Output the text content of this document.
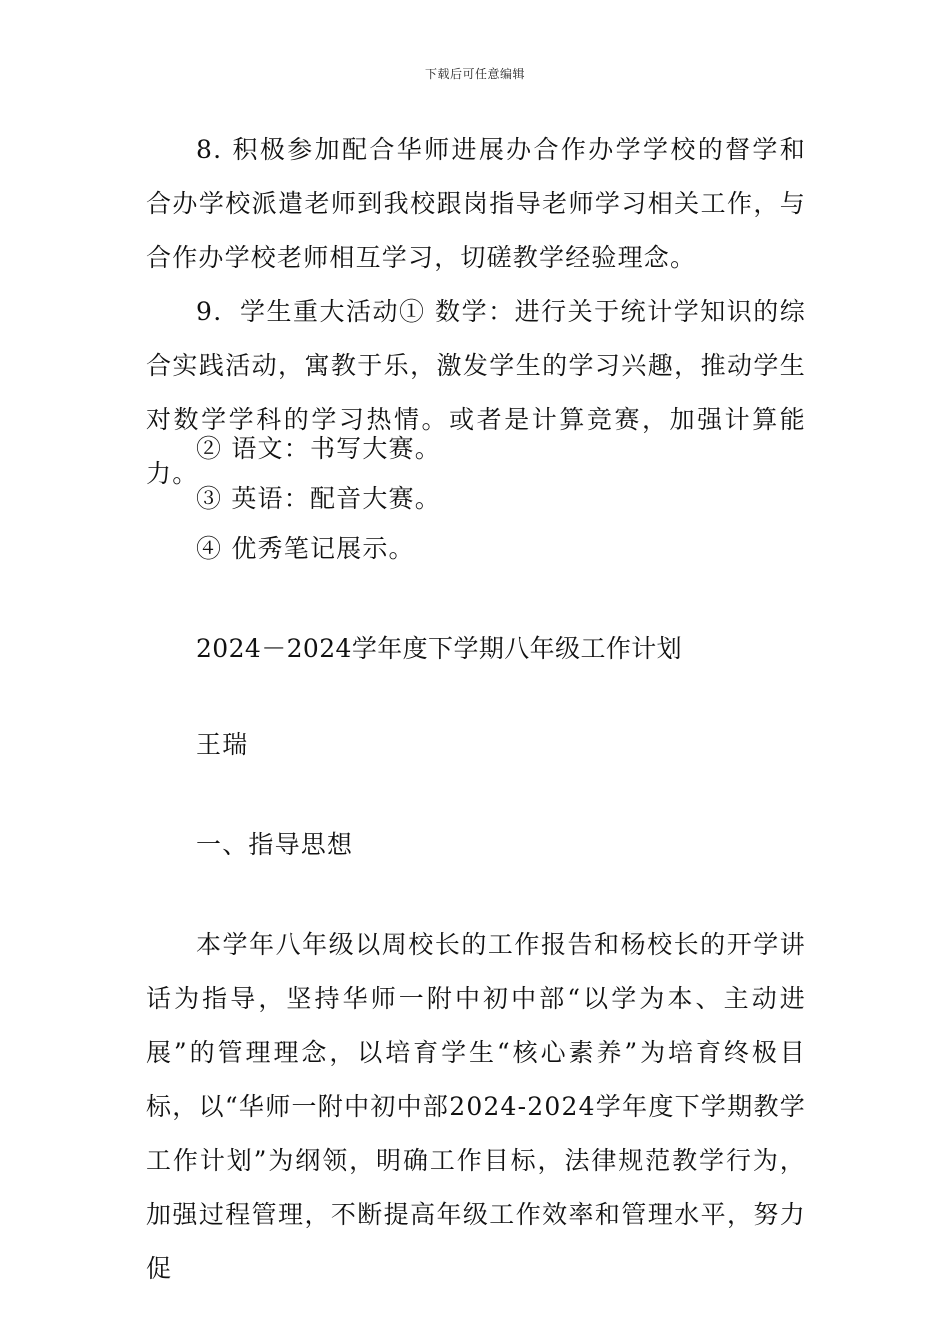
下载后可任意编辑
8. 积极参加配合华师进展办合作办学学校的督学和合办学校派遣老师到我校跟岗指导老师学习相关工作，与合作办学校老师相互学习，切磋教学经验理念。
9．学生重大活动① 数学：进行关于统计学知识的综合实践活动，寓教于乐，激发学生的学习兴趣，推动学生对数学学科的学习热情。或者是计算竞赛，加强计算能力。
② 语文：书写大赛。
③ 英语：配音大赛。
④ 优秀笔记展示。
2024－2024学年度下学期八年级工作计划
王瑞
一、指导思想
本学年八年级以周校长的工作报告和杨校长的开学讲话为指导，坚持华师一附中初中部“以学为本、主动进展”的管理理念，以培育学生“核心素养”为培育终极目标，以“华师一附中初中部2024-2024学年度下学期教学工作计划”为纲领，明确工作目标，法律规范教学行为，加强过程管理，不断提高年级工作效率和管理水平，努力促
